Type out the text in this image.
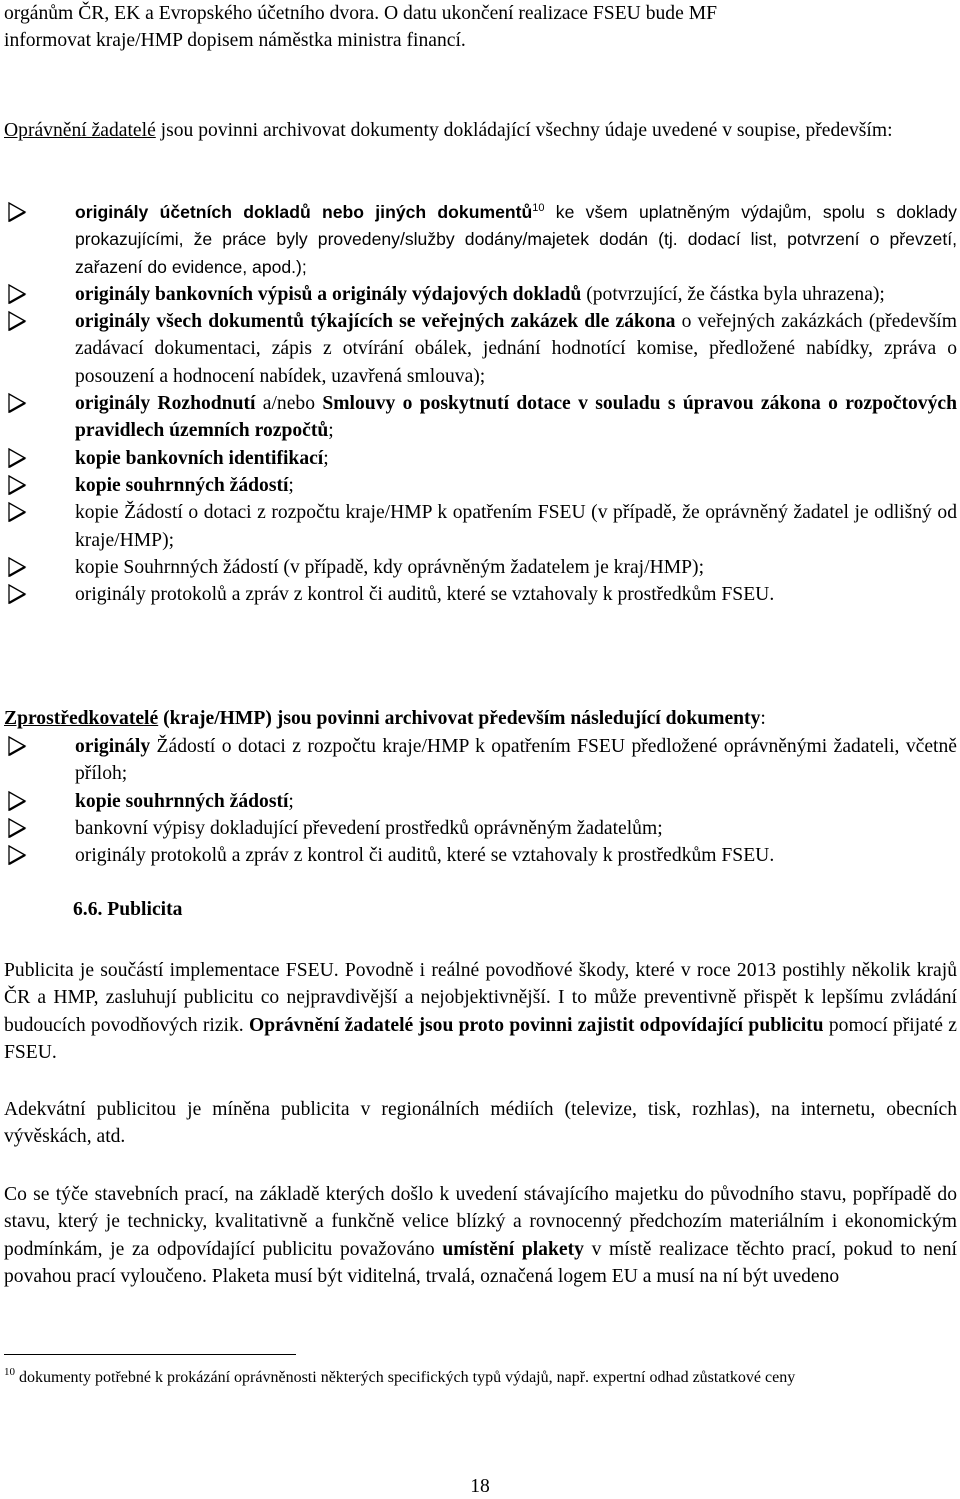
orgánům ČR, EK a Evropského účetního dvora. O datu ukončení realizace FSEU bude MF
informovat kraje/HMP dopisem náměstka ministra financí.
Oprávnění žadatelé jsou povinni archivovat dokumenty dokládající všechny údaje uvedené v soupise, především:
originály účetních dokladů nebo jiných dokumentů$^{10}$ ke všem uplatněným výdajům, spolu s doklady prokazujícími, že práce byly provedeny/služby dodány/majetek dodán (tj. dodací list, potvrzení o převzetí, zařazení do evidence, apod.);
originály bankovních výpisů a originály výdajových dokladů (potvrzující, že částka byla uhrazena);
originály všech dokumentů týkajících se veřejných zakázek dle zákona o veřejných zakázkách (především zadávací dokumentaci, zápis z otvírání obálek, jednání hodnotící komise, předložené nabídky, zpráva o posouzení a hodnocení nabídek, uzavřená smlouva);
originály Rozhodnutí a/nebo Smlouvy o poskytnutí dotace v souladu s úpravou zákona o rozpočtových pravidlech územních rozpočtů;
kopie bankovních identifikací;
kopie souhrnných žádostí;
kopie Žádostí o dotaci z rozpočtu kraje/HMP k opatřením FSEU (v případě, že oprávněný žadatel je odlišný od kraje/HMP);
kopie Souhrnných žádostí (v případě, kdy oprávněným žadatelem je kraj/HMP);
originály protokolů a zpráv z kontrol či auditů, které se vztahovaly k prostředkům FSEU.
Zprostředkovatelé (kraje/HMP) jsou povinni archivovat především následující dokumenty:
originály Žádostí o dotaci z rozpočtu kraje/HMP k opatřením FSEU předložené oprávněnými žadateli, včetně příloh;
kopie souhrnných žádostí;
bankovní výpisy dokladující převedení prostředků oprávněným žadatelům;
originály protokolů a zpráv z kontrol či auditů, které se vztahovaly k prostředkům FSEU.
6.6. Publicita
Publicita je součástí implementace FSEU. Povodně i reálné povodňové škody, které v roce 2013 postihly několik krajů ČR a HMP, zasluhují publicitu co nejpravdivější a nejobjektivnější. I to může preventivně přispět k lepšímu zvládání budoucích povodňových rizik. Oprávnění žadatelé jsou proto povinni zajistit odpovídající publicitu pomocí přijaté z FSEU.
Adekvátní publicitou je míněna publicita v regionálních médiích (televize, tisk, rozhlas), na internetu, obecních vývěskách, atd.
Co se týče stavebních prací, na základě kterých došlo k uvedení stávajícího majetku do původního stavu, popřípadě do stavu, který je technicky, kvalitativně a funkčně velice blízký a rovnocenný předchozím materiálním i ekonomickým podmínkám, je za odpovídající publicitu považováno umístění plakety v místě realizace těchto prací, pokud to není povahou prací vyloučeno. Plaketa musí být viditelná, trvalá, označená logem EU a musí na ní být uvedeno
$^{10}$ dokumenty potřebné k prokázání oprávněnosti některých specifických typů výdajů, např. expertní odhad zůstatkové ceny
18
